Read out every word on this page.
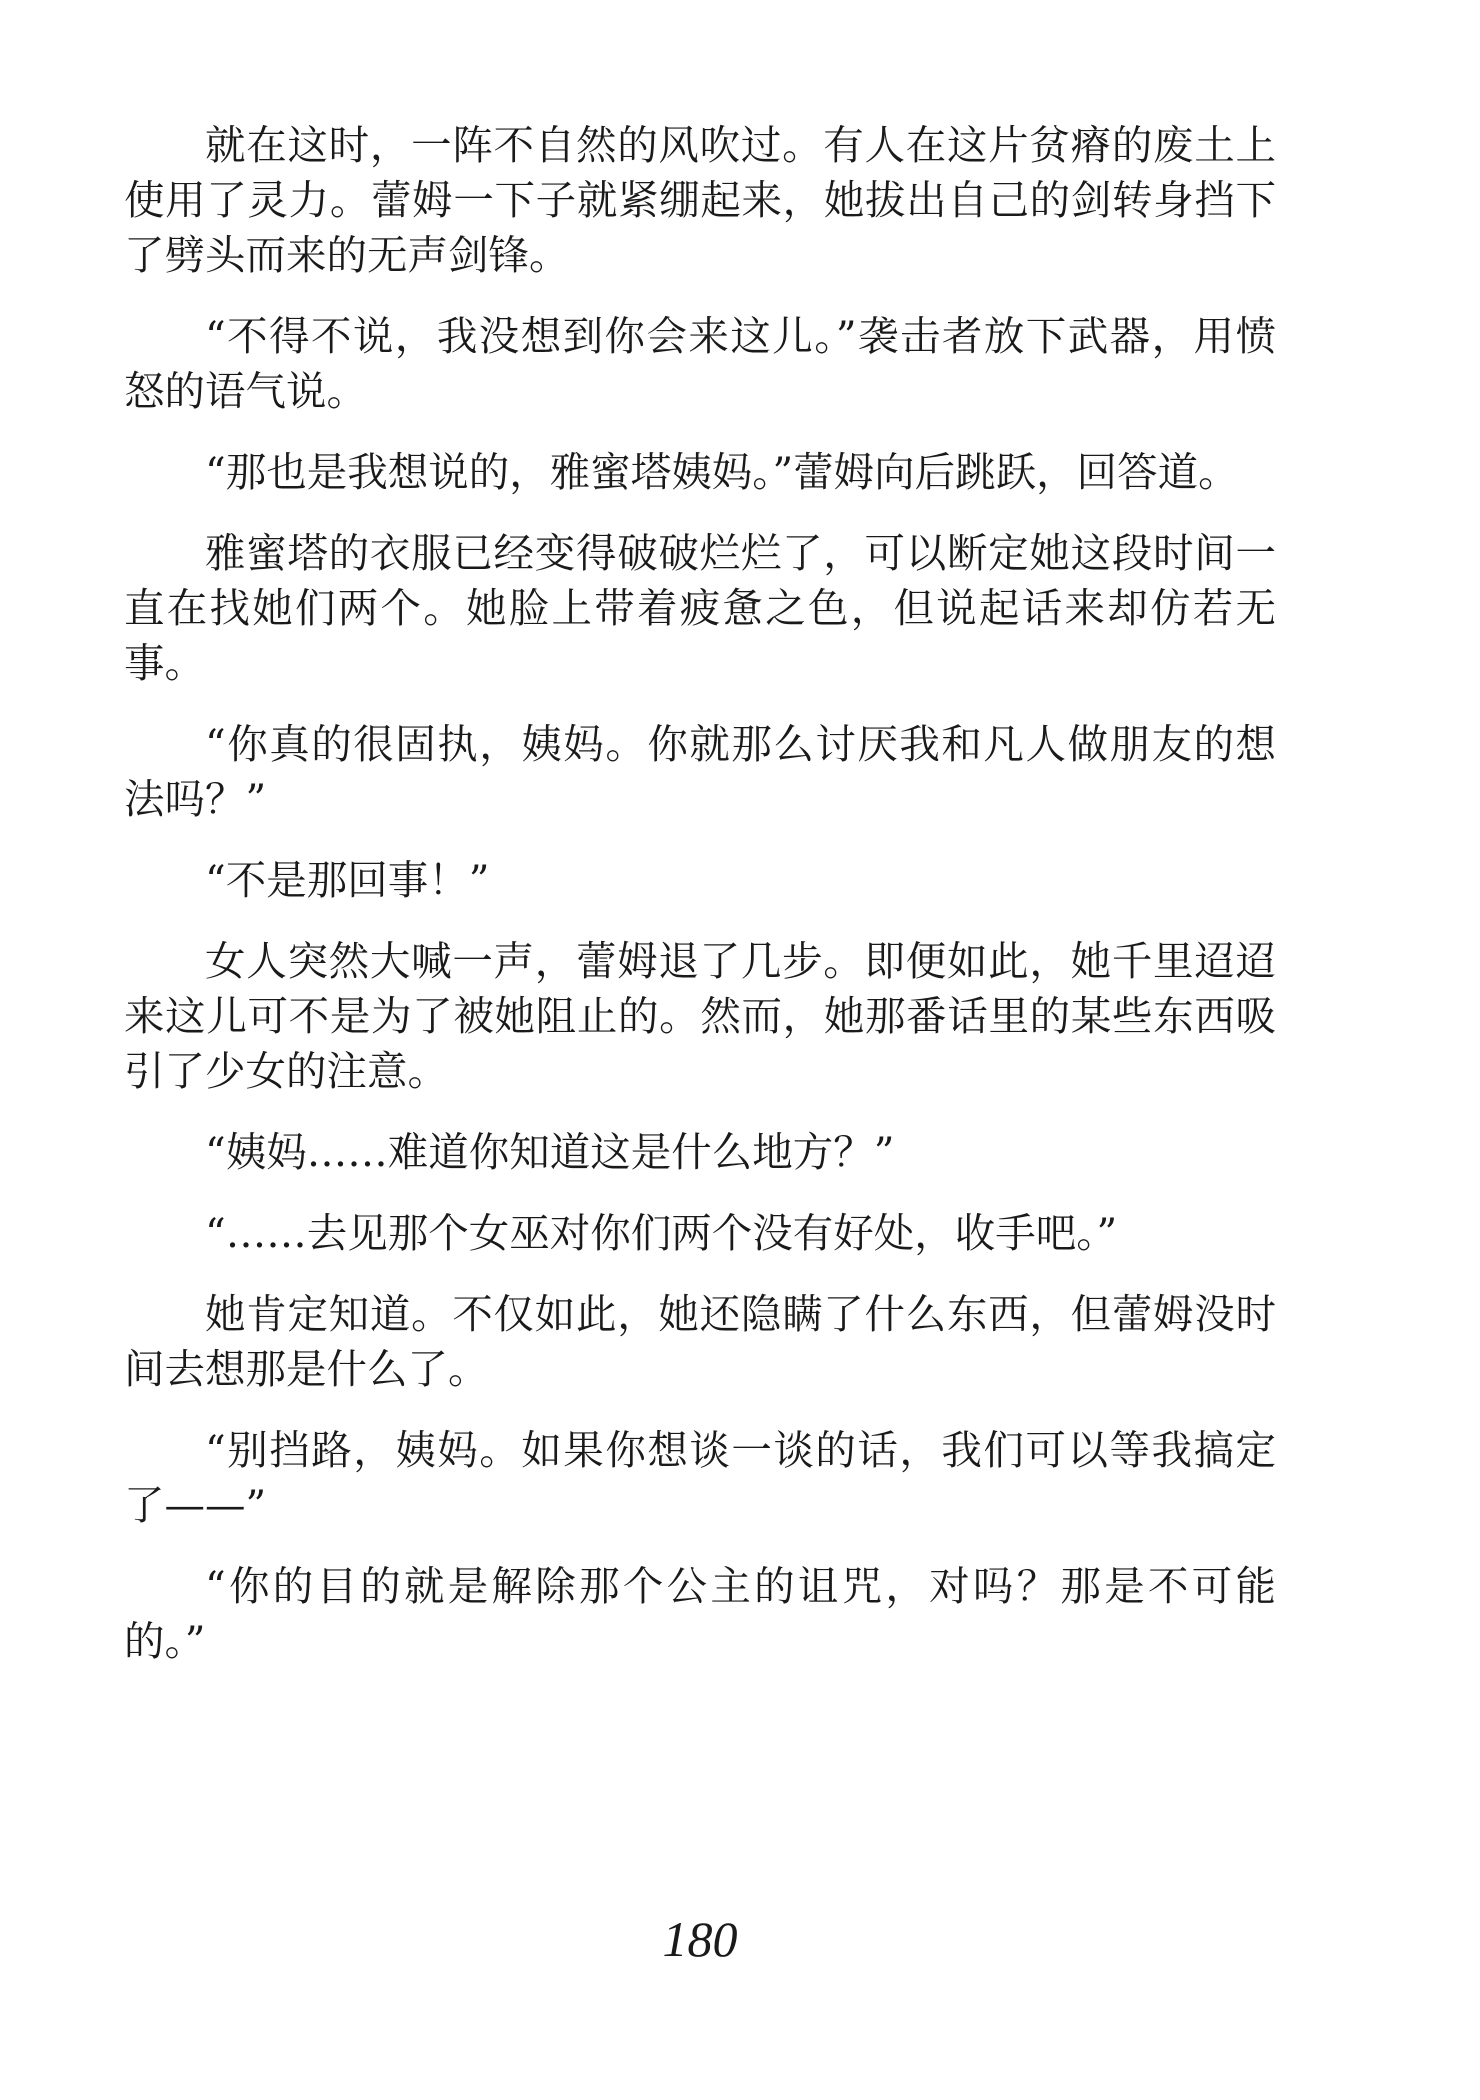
就在这时，一阵不自然的风吹过。有人在这片贫瘠的废土上使用了灵力。蕾姆一下子就紧绷起来，她拔出自己的剑转身挡下了劈头而来的无声剑锋。

“不得不说，我没想到你会来这儿。”袭击者放下武器，用愤怒的语气说。

“那也是我想说的，雅蜜塔姨妈。”蕾姆向后跳跃，回答道。

雅蜜塔的衣服已经变得破破烂烂了，可以断定她这段时间一直在找她们两个。她脸上带着疲惫之色，但说起话来却仿若无事。

“你真的很固执，姨妈。你就那么讨厌我和凡人做朋友的想法吗？”

“不是那回事！”

女人突然大喊一声，蕾姆退了几步。即便如此，她千里迢迢来这儿可不是为了被她阻止的。然而，她那番话里的某些东西吸引了少女的注意。

“姨妈……难道你知道这是什么地方？”

“……去见那个女巫对你们两个没有好处，收手吧。”

她肯定知道。不仅如此，她还隐瞒了什么东西，但蕾姆没时间去想那是什么了。

“别挡路，姨妈。如果你想谈一谈的话，我们可以等我搞定了——”

“你的目的就是解除那个公主的诅咒，对吗？那是不可能的。”

180
